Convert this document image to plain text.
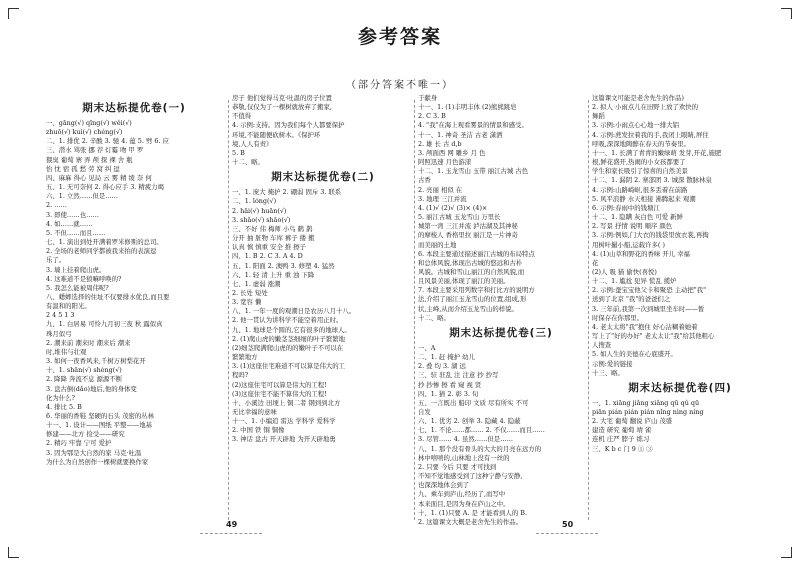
参考答案
（部分答案不唯一）
期末达标提优卷(一)
一、gāng(√) qīng(√) wěi(√)
zhuō(√) kuì(√) chéng(√)
二、1. 排优 2. 辛酸 3. 驰 4. 蕴 5. 劈 6. 应
三、潜水 骂张 挪 荐 灯霉 吻 甲 罗
猥臭 葡萄 寨 弄 颅 探 裸 舍 瓶
怡 忱 宿 孤 愁 劳 窝 纠 逗
四、麻麻 得心 见局 云 雾 精 绫 奈 何
五、1. 无可奈何 2. 得心应手 3. 精疲力竭
六、1. 立然……但是……
2. ……
3. 即使……也……
4. 如……就……
5. 不但……而且……
七、1. 演出到处开满着罗米修斯的总司。
2. 全场的老师同学都被我来拍的表演逗
乐了。
3. 墙上挂着爬山虎。
4. 这难道不是狼嘛呼唤的?
5. 我怎么能被周伟呢?
八、蟋蟀选择的住址不仅要排水优良,而且要
有温和的阳光。
2 4 5 1 3
九、1. 白居易 可怜九月初三夜 秋 露似真
珠月似弓
2. 潮来前 潮来时 潮来后 潮来
时,堆伟与壮观
3. 如何一夜香风来,千树万树梨花开
十、1. shān(√) shèng(√)
2. 降降 奔流不息 源源不断
3. 盘古倒(dǎo)地后,他的身体变
化为什么?
4. 排比 5. B
6. 华丽的香鞋 坚硬的石头 茂密的丛林
十一、1. 设计——图纸 平整——地基
修建——北方 捡受——研究
2. 精巧 牢靠 宁可 爱护
3. 因为鄂是大自然的家 马克·吐温
为什么为自然创作一棵树就要换作家
房子 他们觉得马克·吐温的房子位置
恭敬,仅仅为了一棵树就放弃了搬家,
不值得
4. 示例:支持。因为我们每个人都要保护
环境,不能随便砍树木。《保护环
境,人人有责》
5. B
十二、略。
期末达标提优卷(二)
一、1. 庞大 掩护 2. 硼弱 固斥 3. 联系
二、1. lóng(√)
2. hāi(√) huān(√)
3. shǎo(√) shāo(√)
三、不好 伟 梅师 小鸟 鹤 鹊
分开 抽 脏物 车库 裤子 搂 搬
认真 慎 慎重 安全 推 擦子
四、1. B 2. C 3. A 4. D
五、1. 阳面 2. 澳鸭 3. 修塑 4. 猛然
六、1. 轻 清 上升 重 浊 下降
七、1. 虚弱 涨潮
2. 长处 短处
3. 宽容 懒
八、1. 一年一度的观潮日是农历八月十八。
2. 他一贯认为讲科学不能空着用正时。
九、1. 地球是个圆的,它有很多的地球人。
2. (1)爬山虎的嫩茎茎细细的叶子繁繁地
(2)细茎爬满爬山虎的的嫩叶子不可以在
繁繁地方
3. (1)这座住宅难道不可以算是伟大的工
程吗?
(2)这座住宅可以算是伟大的工程!
(3)这座住宅不能不算伟大的工程!
十、小溪边 田埂上 铜二者 钢到到北方
无比幸福的意味
十一、1. 小编追 雷达 学科学 爱科学
2. 中国 铁 铜 铜像
3. 神话 盘古 开天辟地 为开天辟地勇
于献身
十一、1. (1)丰明丰体 (2)熊熊跳皂
2. C 3. B
4. "我"在海上观看雾景的情景和感受。
十一、1. 神奇 圣洁 古老 潇洒
2. 雄 长 古 d,b
3. 颅面西 网 雕乡 月 色
阿照迅速 月色游漾
十二、1. 玉龙雪山 玉带 丽江古城 古色
古香
2. 亮丽 相似 在
3. 地理 三江并流
4. (1)√ (2)√ (3)× (4)×
5. 丽江古城 玉龙雪山 万里长
城第一湾 三江并流 泸沽湖及其神秘
的摩梭人 香格里拉 丽江是一片神奇
而美丽的土地
6. 本段主要通过描述丽江古城的布局特点
和总体风貌,体现出古城的悠远和古朴
风貌。古城和雪山,丽江的自然风貌,而
且风景美丽,体现了丽江的美丽。
7. 本段主要采用列数字和打比方的说明方
法,介绍了丽江玉龙雪山的位置,组成,形
状,主峰,从而介绍玉龙雪山的样貌。
十二、略。
期末达标提优卷(三)
一、A
二、1. 赶 掩护 幼儿
2. 叠 均 3. 湖 远
三、驻 驻乱 注 注意 抄 抄写
抄 抄惨 擦 看 窥 视 贤
四、1. 猜 2. 彰 3. 旬
五、一言既出 船印 文质 尽有所实 不可
自发
六、1. 优劣 2. 创举 3. 隐藏 4. 隐蔽
七、1. 不论……都…… 2. 不仅……而且……
3. 尽管…… 4. 虽然……但是……
八、1. 那个没有骨头的大大的月亮在远方的
林中嘻嘻的,山林地上没有一丝的
2. 只要 今后 只要 才可找到
不知不觉地感受到了这种宁静与安静,
也深深地体会到了
九、乘车到庐山,经历了,而写中
本来面目,是因为身在庐山之中。
十、1. (1)只要 A. 是 才能看到人的 B.
2. 这篇课文大概是老舍先生的作品。
这篇课文可能是老舍先生的作品)
2. 拟人 小雨点儿在田野上放了欢快的
舞蹈
3. 示例:小雨点心心地一排大铝
4. 示例:蔗发拉着我的手,我闭上眼睛,屏住
呼吸,深深地陶醉在春天的节奏里。
十一、1. 长满了青青的嫩绿萌 发芽,开花,施肥
根,鲜花盛开,热闹的小女孩都要了
学生和家长吸引了惊喜的自然美景
十二、1. 漏阴 2. 寨部团 3. 城深 散脉林泉
4. 示例:山路崎岖,很多丢着在前路
5. 风平浪静 水天相接 沸腾起来 观潮
6. 示例:春雨中的钱塘江
十二、1. 隐瞒 灰白色 可爱 新鲜
2. 写景 抒情 说明 顺序 颜色
3. 示例:例如,门大衣的钱袋里放衣裳,再掏
用树叶撮小船,运载许多( )
4. (1)山草和野花的香味 开儿 幸福
花
(2)人 吸 猫 偷快(喜悦)
十二、1. 尴尬 犯异 慌乱 揽炉
2. 示例:蚕宝宝他父卡和聚恐 主动把"我"
送到了北京 "我"的爸爸们之
3. 三年前,我第一次到城里坐车时——暂
时保存在你那里。
4. 老太太将"我"抱住 好心沾糊着她着
写上了"好的办好" 老太太让"我"给其他粗心
人搜查
5. 如人生的美德在心底盛开。
示例:爱的链接
十三、略。
期末达标提优卷(四)
一、1. xiāng jiǎng xiǎng qū qǔ qū
piān pián pián pián nǐng nìng níng
2. 大宅 葡萄 翻说 庐山 茂盛
建造 研究 葡萄 靖 雀
连机 庄严 脖子 练习
三、K b c 门 9 ① ③
49	50
